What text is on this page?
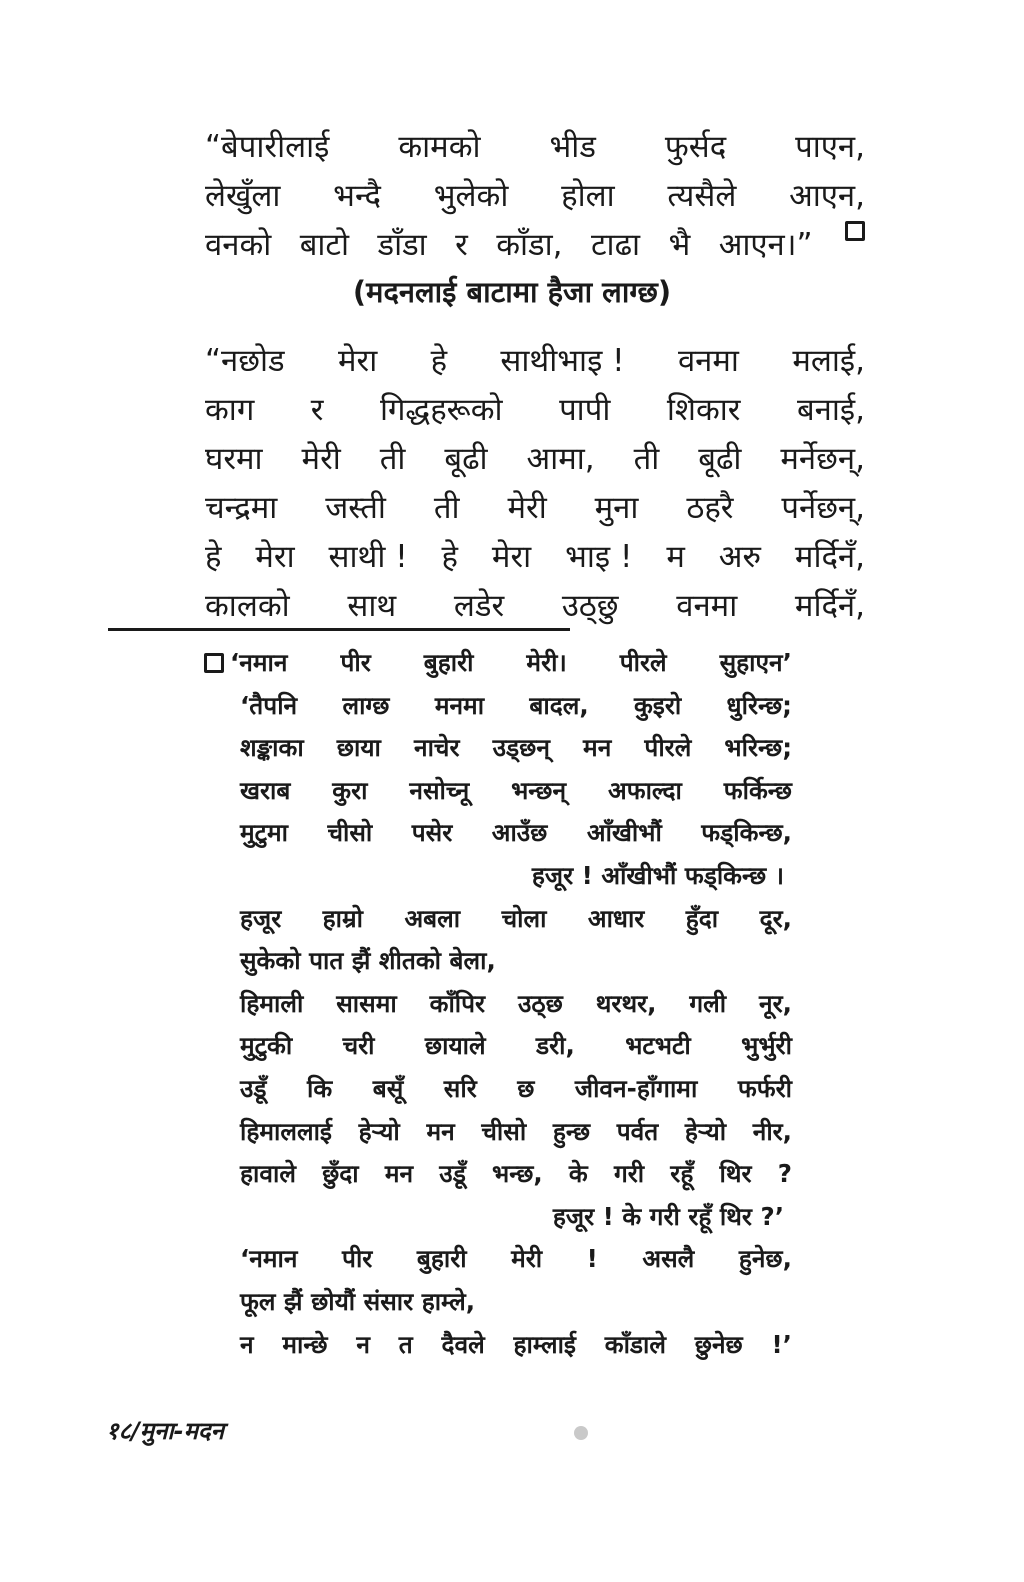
“बेपारीलाई कामको भीड फुर्सद पाएन,
लेखुँला भन्दै भुलेको होला त्यसैले आएन,
वनको बाटो डाँडा र काँडा, टाढा भै आएन।”
(मदनलाई बाटामा हैजा लाग्छ)
“नछोड मेरा हे साथीभाइ ! वनमा मलाई,
काग र गिद्धहरूको पापी शिकार बनाई,
घरमा मेरी ती बूढी आमा, ती बूढी मर्नेछन्,
चन्द्रमा जस्ती ती मेरी मुना ठहरै पर्नेछन्,
हे मेरा साथी ! हे मेरा भाइ ! म अरु मर्दिनँ,
कालको साथ लडेर उठ्छु वनमा मर्दिनँ,
‘नमान पीर बुहारी मेरी। पीरले सुहाएन’
‘तैपनि लाग्छ मनमा बादल, कुइरो धुरिन्छ;
शङ्काका छाया नाचेर उड्छन् मन पीरले भरिन्छ;
खराब कुरा नसोच्नू भन्छन् अफाल्दा फर्किन्छ
मुटुमा चीसो पसेर आउँछ आँखीभौं फड्किन्छ,
हजूर ! आँखीभौं फड्किन्छ ।
हजूर हाम्रो अबला चोला आधार हुँदा दूर,
सुकेको पात झैं शीतको बेला,
हिमाली सासमा काँपिर उठ्छ थरथर, गली नूर,
मुटुकी चरी छायाले डरी, भटभटी भुर्भुरी
उडूँ कि बसूँ सरि छ जीवन-हाँगामा फर्फरी
हिमाललाई हेऱ्यो मन चीसो हुन्छ पर्वत हेऱ्यो नीर,
हावाले छुँदा मन उडूँ भन्छ, के गरी रहूँ थिर ?
हजूर ! के गरी रहूँ थिर ?’
‘नमान पीर बुहारी मेरी ! असलै हुनेछ,
फूल झैं छोयौं संसार हाम्ले,
न मान्छे न त दैवले हाम्लाई काँडाले छुनेछ !’
१८/मुना-मदन
